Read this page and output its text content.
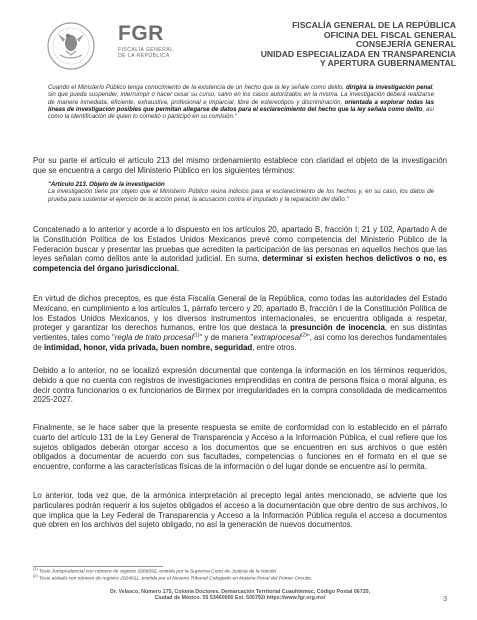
FGR
FISCALÍA GENERAL
DE LA REPÚBLICA
FISCALÍA GENERAL DE LA REPÚBLICA
OFICINA DEL FISCAL GENERAL
CONSEJERÍA GENERAL
UNIDAD ESPECIALIZADA EN TRANSPARENCIA
Y APERTURA GUBERNAMENTAL
Cuando el Ministerio Público tenga conocimiento de la existencia de un hecho que la ley señale como delito, dirigirá la investigación penal, sin que pueda suspender, interrumpir o hacer cesar su curso, salvo en los casos autorizados en la misma. La investigación deberá realizarse de manera inmediata, eficiente, exhaustiva, profesional e imparcial, libre de estereotipos y discriminación, orientada a explorar todas las líneas de investigación posibles que permitan allegarse de datos para el esclarecimiento del hecho que la ley señala como delito, así como la identificación de quien lo cometió o participó en su comisión."
Por su parte el artículo el artículo 213 del mismo ordenamiento establece con claridad el objeto de la investigación que se encuentra a cargo del Ministerio Público en los siguientes términos:
"Artículo 213. Objeto de la investigación
La investigación tiene por objeto que el Ministerio Público reúna indicios para el esclarecimiento de los hechos y, en su caso, los datos de prueba para sustentar el ejercicio de la acción penal, la acusación contra el imputado y la reparación del daño."
Concatenado a lo anterior y acorde a lo dispuesto en los artículos 20, apartado B, fracción I; 21 y 102, Apartado A de la Constitución Política de los Estados Unidos Mexicanos prevé como competencia del Ministerio Público de la Federación buscar y presentar las pruebas que acrediten la participación de las personas en aquellos hechos que las leyes señalan como delitos ante la autoridad judicial. En suma, determinar si existen hechos delictivos o no, es competencia del órgano jurisdiccional.
En virtud de dichos preceptos, es que ésta Fiscalía General de la República, como todas las autoridades del Estado Mexicano, en cumplimiento a los artículos 1, párrafo tercero y 20, apartado B, fracción I de la Constitución Política de los Estados Unidos Mexicanos, y los diversos instrumentos internacionales, se encuentra obligada a respetar, proteger y garantizar los derechos humanos, entre los que destaca la presunción de inocencia, en sus distintas vertientes, tales como "regla de trato procesal$^{(1)}$" y de manera "extraprocesal$^{(2)}$", así como los derechos fundamentales de intimidad, honor, vida privada, buen nombre, seguridad, entre otros.
Debido a lo anterior, no se localizó expresión documental que contenga la información en los términos requeridos, debido a que no cuenta con registros de investigaciones emprendidas en contra de persona física o moral alguna, es decir contra funcionarios o ex funcionarios de Birmex por irregularidades en la compra consolidada de medicamentos 2025-2027.
Finalmente, se le hace saber que la presente respuesta se emite de conformidad con lo establecido en el párrafo cuarto del artículo 131 de la Ley General de Transparencia y Acceso a la Información Pública, el cual refiere que los sujetos obligados deberán otorgar acceso a los documentos que se encuentren en sus archivos o que estén obligados a documentar de acuerdo con sus facultades, competencias o funciones en el formato en el que se encuentre, conforme a las características físicas de la información o del lugar donde se encuentre así lo permita.
Lo anterior, toda vez que, de la armónica interpretación al precepto legal antes mencionado, se advierte que los particulares podrán requerir a los sujetos obligados el acceso a la documentación que obre dentro de sus archivos, lo que implica que la Ley Federal de Transparencia y Acceso a la Información Pública regula el acceso a documentos que obren en los archivos del sujeto obligado, no así la generación de nuevos documentos.
$^{(1)}$ Tesis Jurisprudencial con número de registro 2006092, emitida por la Suprema Corte de Justicia de la Nación.
$^{(2)}$ Tesis aislada con número de registro 2024811, emitida por el Noveno Tribunal Colegiado en Materia Penal del Primer Circuito.
Dr. Velasco, Número 175, Colonia Doctores, Demarcación Territorial Cuauhtémoc, Código Postal 06720,
Ciudad de México. 55 53460000 Ext. 505792/ https://www.fgr.org.mx/	3
